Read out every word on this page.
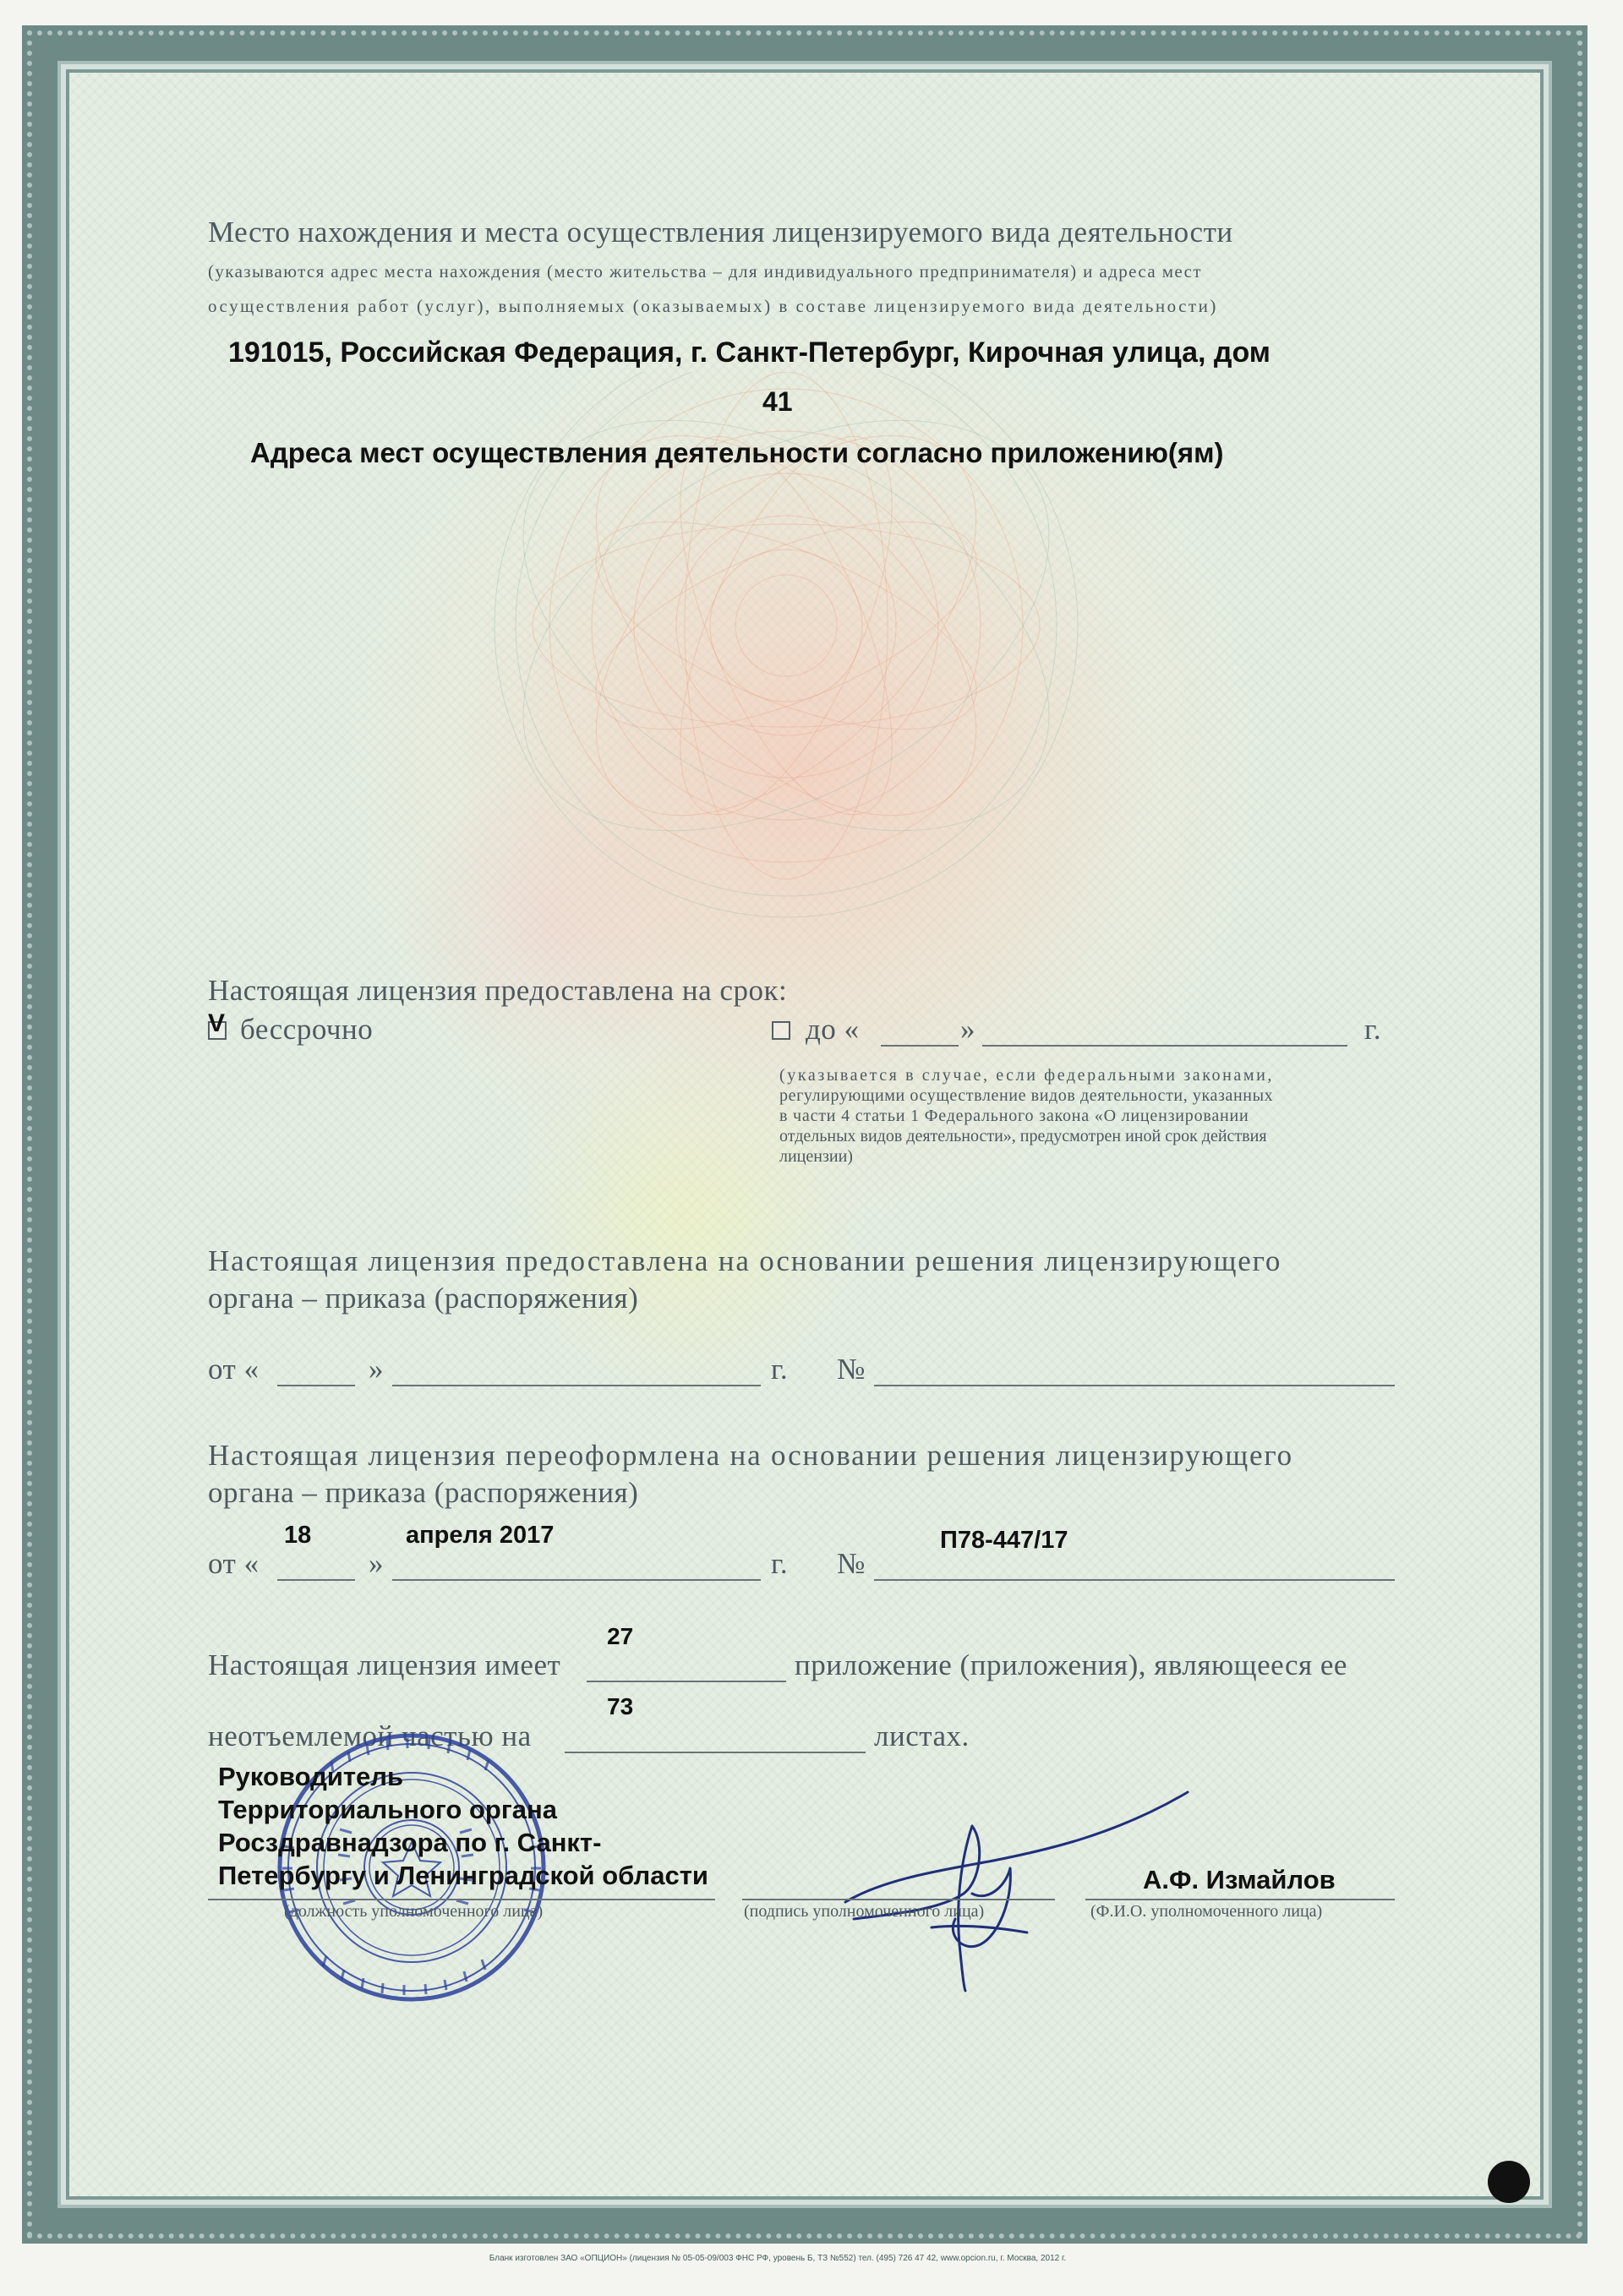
Место нахождения и места осуществления лицензируемого вида деятельности
(указываются адрес места нахождения (место жительства – для индивидуального предпринимателя) и адреса мест
осуществления работ (услуг), выполняемых (оказываемых) в составе лицензируемого вида деятельности)
191015, Российская Федерация, г. Санкт-Петербург, Кирочная улица, дом
41
Адреса мест осуществления деятельности согласно приложению(ям)
Настоящая лицензия предоставлена на срок:
V бессрочно	до «	»	г.
(указывается в случае, если федеральными законами,
регулирующими осуществление видов деятельности, указанных
в части 4 статьи 1 Федерального закона «О лицензировании
отдельных видов деятельности», предусмотрен иной срок действия
лицензии)
Настоящая лицензия предоставлена на основании решения лицензирующего
органа – приказа (распоряжения)
от «	»	г. №
Настоящая лицензия переоформлена на основании решения лицензирующего
органа – приказа (распоряжения)
18	апреля 2017	П78-447/17
от «	»	г. №
27
Настоящая лицензия имеет	приложение (приложения), являющееся ее
73
неотъемлемой частью на	листах.
Руководитель
Территориального органа
Росздравнадзора по г. Санкт-
Петербургу и Ленинградской области	А.Ф. Измайлов
(должность уполномоченного лица)	(подпись уполномоченного лица)	(Ф.И.О. уполномоченного лица)
Бланк изготовлен ЗАО «ОПЦИОН» (лицензия № 05-05-09/003 ФНС РФ, уровень Б, ТЗ №552) тел. (495) 726 47 42, www.opcion.ru, г. Москва, 2012 г.
